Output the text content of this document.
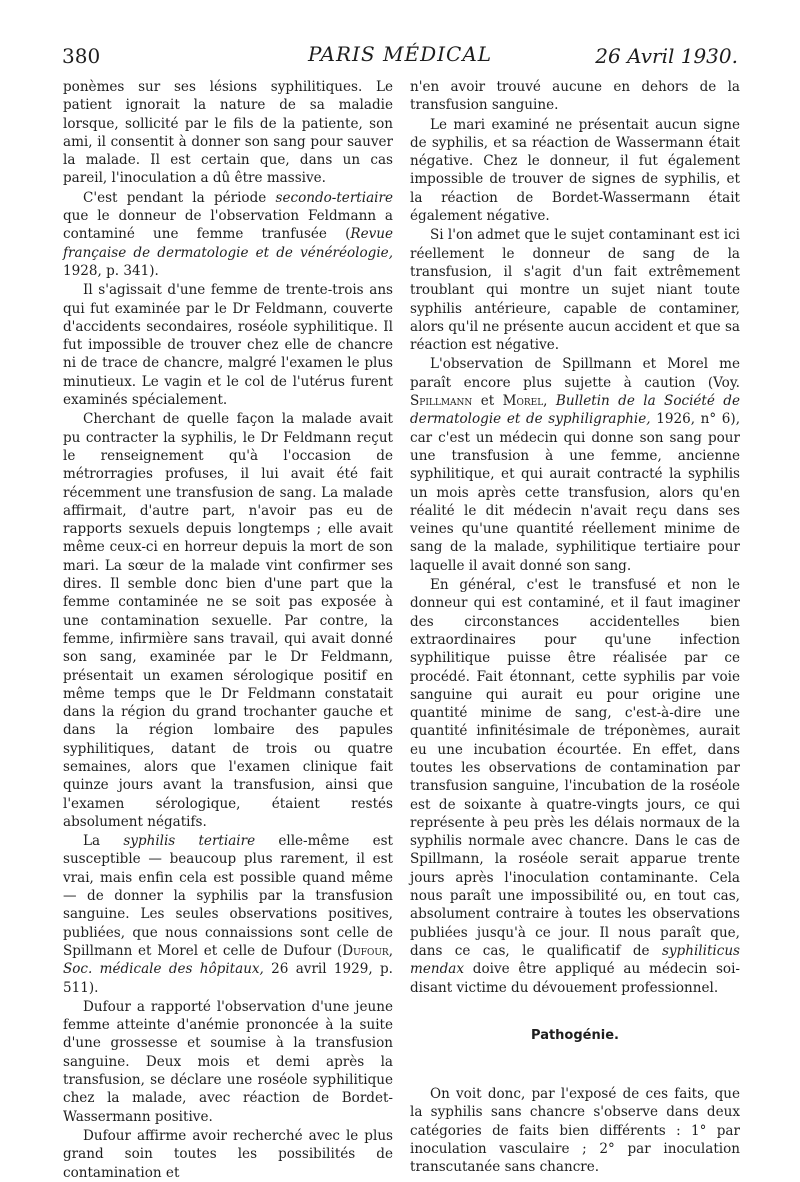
380	PARIS MÉDICAL	26 Avril 1930.

ponèmes sur ses lésions syphilitiques. Le patient ignorait la nature de sa maladie lorsque, sollicité par le fils de la patiente, son ami, il consentit à donner son sang pour sauver la malade. Il est certain que, dans un cas pareil, l'inoculation a dû être massive.

C'est pendant la période secondo-tertiaire que le donneur de l'observation Feldmann a contaminé une femme tranfusée (Revue française de dermatologie et de vénéréologie, 1928, p. 341).

Il s'agissait d'une femme de trente-trois ans qui fut examinée par le Dr Feldmann, couverte d'accidents secondaires, roséole syphilitique. Il fut impossible de trouver chez elle de chancre ni de trace de chancre, malgré l'examen le plus minutieux. Le vagin et le col de l'utérus furent examinés spécialement.

Cherchant de quelle façon la malade avait pu contracter la syphilis, le Dr Feldmann reçut le renseignement qu'à l'occasion de métrorragies profuses, il lui avait été fait récemment une transfusion de sang. La malade affirmait, d'autre part, n'avoir pas eu de rapports sexuels depuis longtemps ; elle avait même ceux-ci en horreur depuis la mort de son mari. La sœur de la malade vint confirmer ses dires. Il semble donc bien d'une part que la femme contaminée ne se soit pas exposée à une contamination sexuelle. Par contre, la femme, infirmière sans travail, qui avait donné son sang, examinée par le Dr Feldmann, présentait un examen sérologique positif en même temps que le Dr Feldmann constatait dans la région du grand trochanter gauche et dans la région lombaire des papules syphilitiques, datant de trois ou quatre semaines, alors que l'examen clinique fait quinze jours avant la transfusion, ainsi que l'examen sérologique, étaient restés absolument négatifs.

La syphilis tertiaire elle-même est susceptible — beaucoup plus rarement, il est vrai, mais enfin cela est possible quand même — de donner la syphilis par la transfusion sanguine. Les seules observations positives, publiées, que nous connaissions sont celle de Spillmann et Morel et celle de Dufour (Dufour, Soc. médicale des hôpitaux, 26 avril 1929, p. 511).

Dufour a rapporté l'observation d'une jeune femme atteinte d'anémie prononcée à la suite d'une grossesse et soumise à la transfusion sanguine. Deux mois et demi après la transfusion, se déclare une roséole syphilitique chez la malade, avec réaction de Bordet-Wassermann positive.

Dufour affirme avoir recherché avec le plus grand soin toutes les possibilités de contamination et

n'en avoir trouvé aucune en dehors de la transfusion sanguine.

Le mari examiné ne présentait aucun signe de syphilis, et sa réaction de Wassermann était négative. Chez le donneur, il fut également impossible de trouver de signes de syphilis, et la réaction de Bordet-Wassermann était également négative.

Si l'on admet que le sujet contaminant est ici réellement le donneur de sang de la transfusion, il s'agit d'un fait extrêmement troublant qui montre un sujet niant toute syphilis antérieure, capable de contaminer, alors qu'il ne présente aucun accident et que sa réaction est négative.

L'observation de Spillmann et Morel me paraît encore plus sujette à caution (Voy. Spillmann et Morel, Bulletin de la Société de dermatologie et de syphiligraphie, 1926, n° 6), car c'est un médecin qui donne son sang pour une transfusion à une femme, ancienne syphilitique, et qui aurait contracté la syphilis un mois après cette transfusion, alors qu'en réalité le dit médecin n'avait reçu dans ses veines qu'une quantité réellement minime de sang de la malade, syphilitique tertiaire pour laquelle il avait donné son sang.

En général, c'est le transfusé et non le donneur qui est contaminé, et il faut imaginer des circonstances accidentelles bien extraordinaires pour qu'une infection syphilitique puisse être réalisée par ce procédé. Fait étonnant, cette syphilis par voie sanguine qui aurait eu pour origine une quantité minime de sang, c'est-à-dire une quantité infinitésimale de tréponèmes, aurait eu une incubation écourtée. En effet, dans toutes les observations de contamination par transfusion sanguine, l'incubation de la roséole est de soixante à quatre-vingts jours, ce qui représente à peu près les délais normaux de la syphilis normale avec chancre. Dans le cas de Spillmann, la roséole serait apparue trente jours après l'inoculation contaminante. Cela nous paraît une impossibilité ou, en tout cas, absolument contraire à toutes les observations publiées jusqu'à ce jour. Il nous paraît que, dans ce cas, le qualificatif de syphiliticus mendax doive être appliqué au médecin soi-disant victime du dévouement professionnel.

Pathogénie.

On voit donc, par l'exposé de ces faits, que la syphilis sans chancre s'observe dans deux catégories de faits bien différents : 1° par inoculation vasculaire ; 2° par inoculation transcutanée sans chancre.
